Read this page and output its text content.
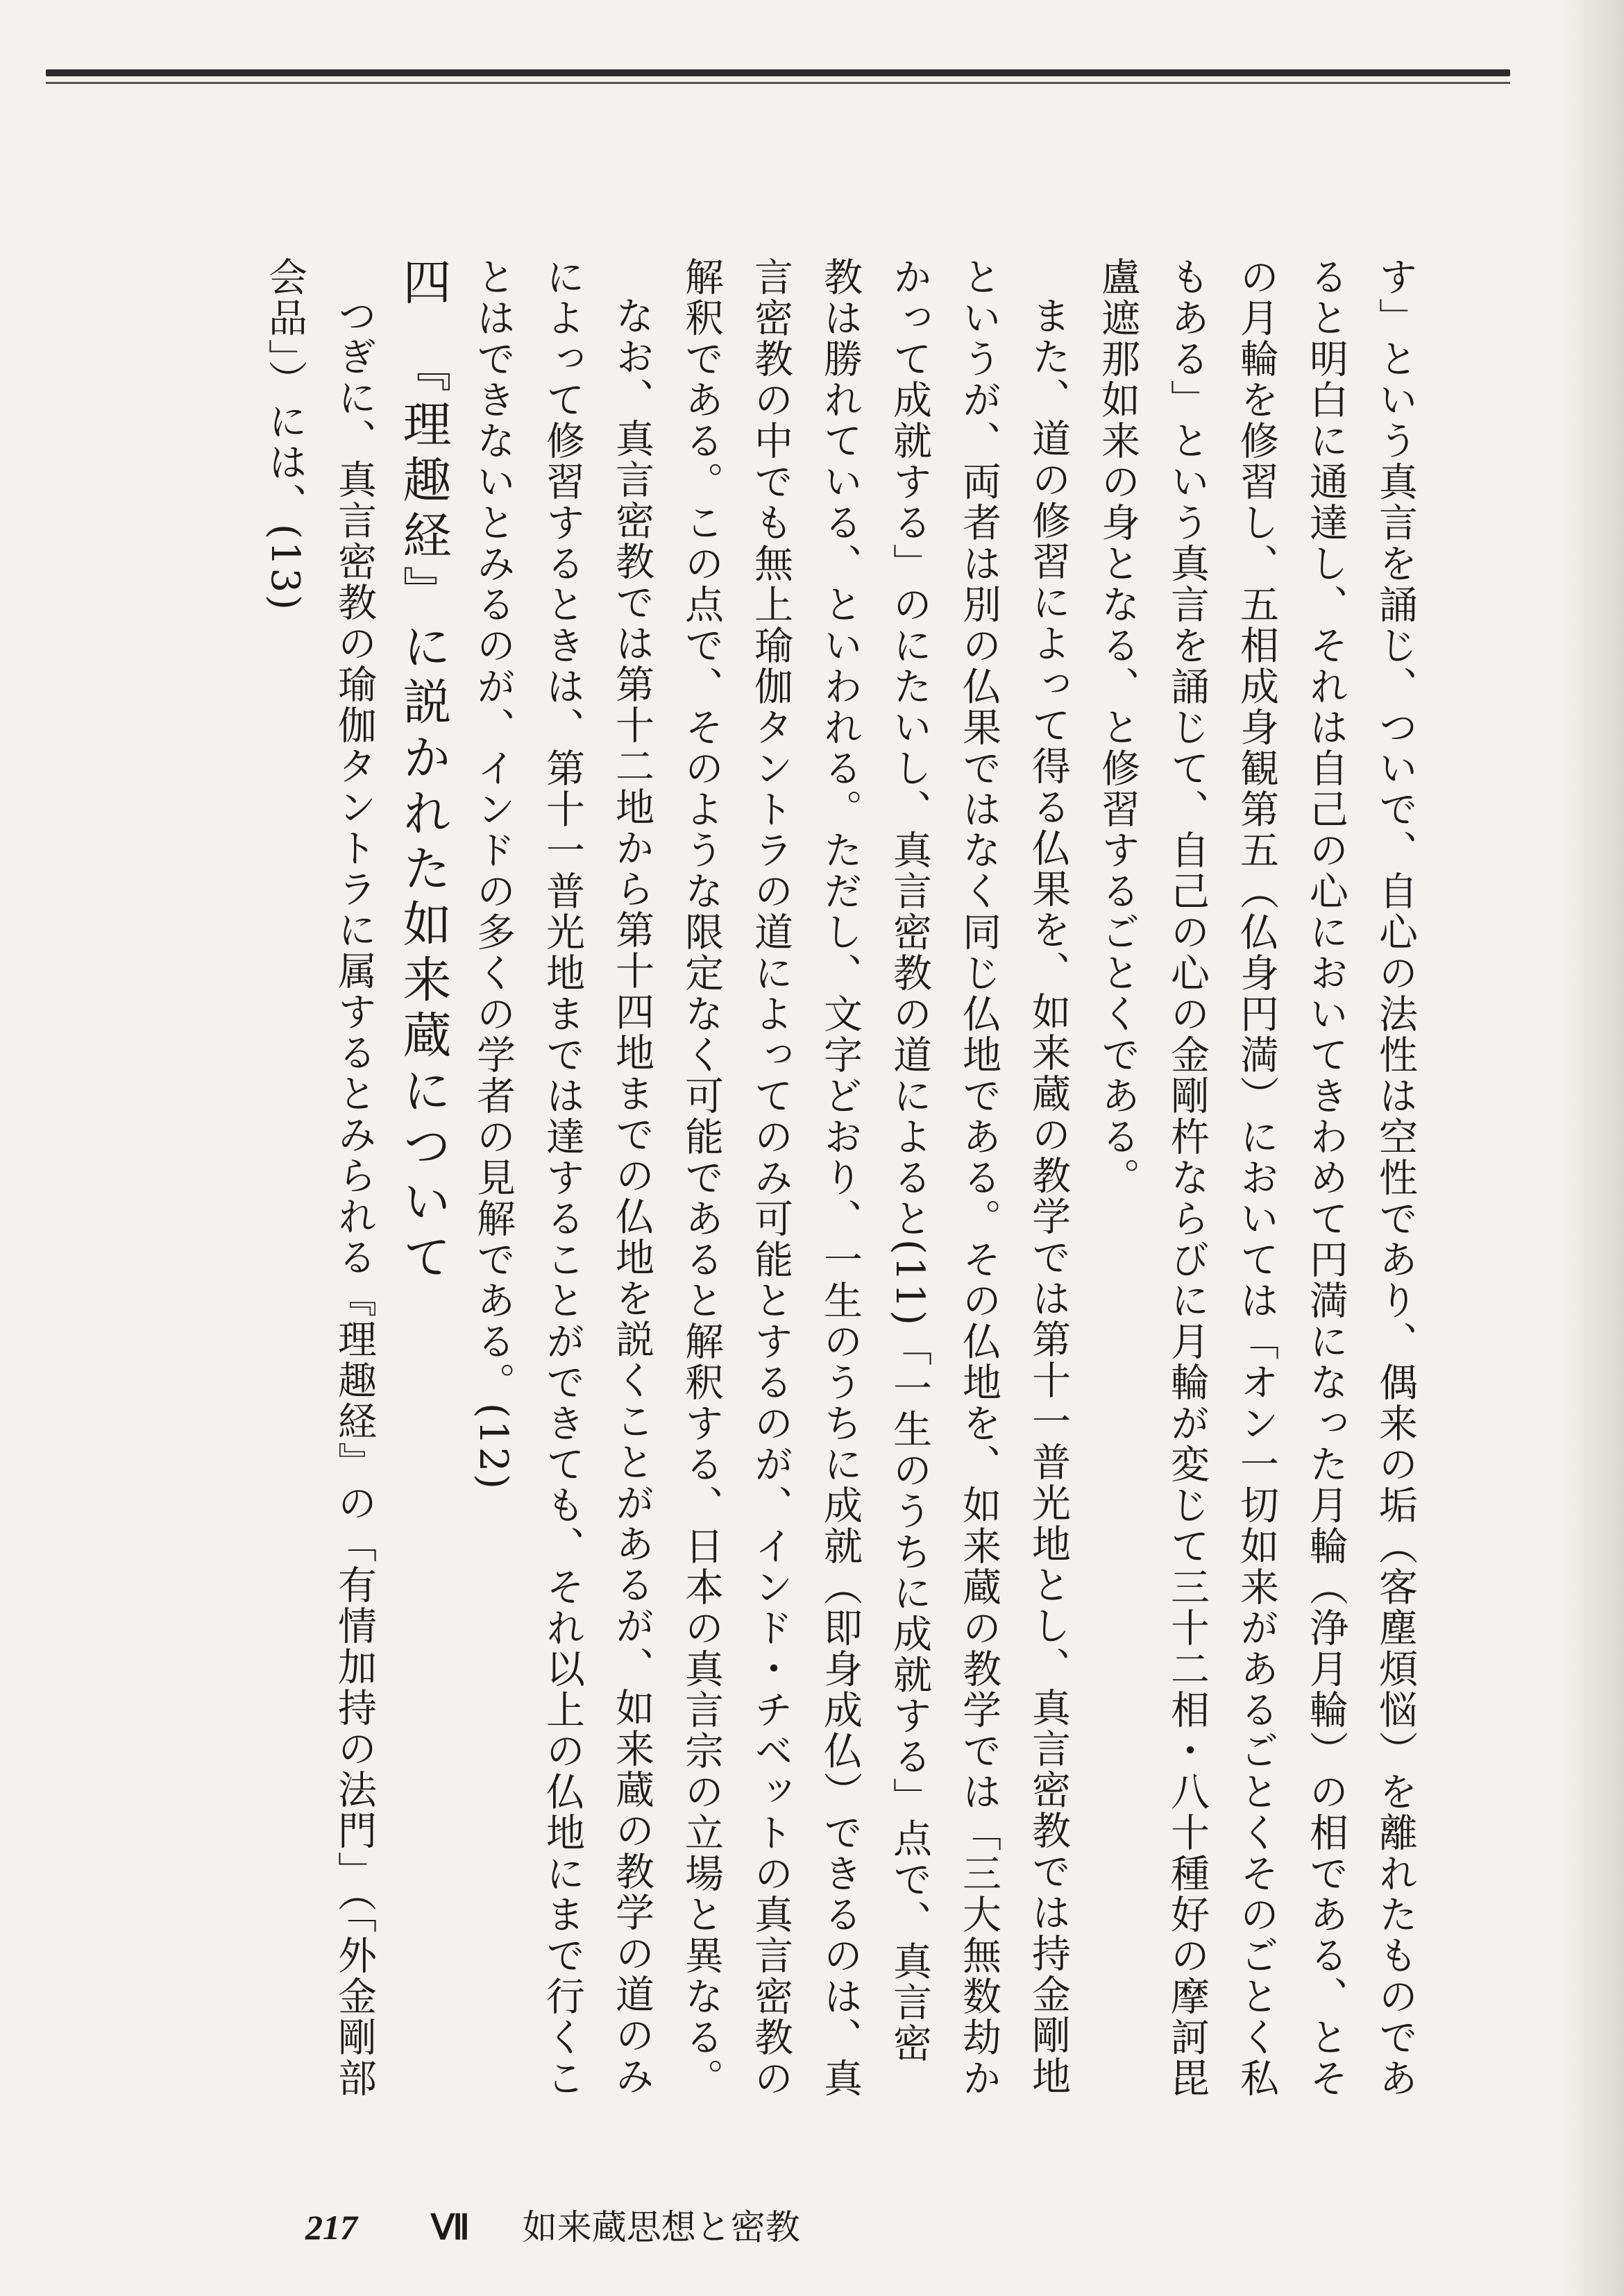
す」という真言を誦じ、ついで、自心の法性は空性であり、偶来の垢（客塵煩悩）を離れたものであると明白に通達し、それは自己の心においてきわめて円満になった月輪（浄月輪）の相である、とその月輪を修習し、五相成身観第五（仏身円満）においては「オン一切如来があるごとくそのごとく私もある」という真言を誦じて、自己の心の金剛杵ならびに月輪が変じて三十二相・八十種好の摩訶毘盧遮那如来の身となる、と修習するごとくである。

また、道の修習によって得る仏果を、如来蔵の教学では第十一普光地とし、真言密教では持金剛地というが、両者は別の仏果ではなく同じ仏地である。その仏地を、如来蔵の教学では「三大無数劫かかって成就する」のにたいし、真言密教の道によると(11)「一生のうちに成就する」点で、真言密教は勝れている、といわれる。ただし、文字どおり、一生のうちに成就（即身成仏）できるのは、真言密教の中でも無上瑜伽タントラの道によってのみ可能とするのが、インド・チベットの真言密教の解釈である。この点で、そのような限定なく可能であると解釈する、日本の真言宗の立場と異なる。

なお、真言密教では第十二地から第十四地までの仏地を説くことがあるが、如来蔵の教学の道のみによって修習するときは、第十一普光地までは達することができても、それ以上の仏地にまで行くことはできないとみるのが、インドの多くの学者の見解である。(12)

四　『理趣経』に説かれた如来蔵について

つぎに、真言密教の瑜伽タントラに属するとみられる『理趣経』の「有情加持の法門」（「外金剛部会品」）には、(13)

217 Ⅶ 如来蔵思想と密教
